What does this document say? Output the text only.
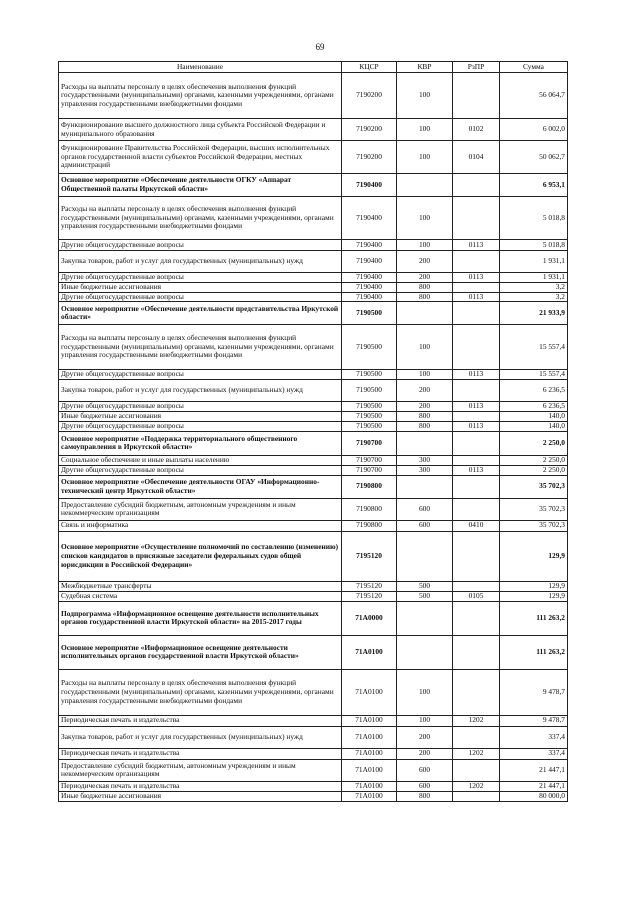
69
Наименование	КЦСР	КВР	РзПР	Сумма
Расходы на выплаты персоналу в целях обеспечения выполнения функций государственными (муниципальными) органами, казенными учреждениями, органами управления государственными внебюджетными фондами	7190200	100		56 064,7
Функционирование высшего должностного лица субъекта Российской Федерации и муниципального образования	7190200	100	0102	6 002,0
Функционирование Правительства Российской Федерации, высших исполнительных органов государственной власти субъектов Российской Федерации, местных администраций	7190200	100	0104	50 062,7
Основное мероприятие «Обеспечение деятельности ОГКУ «Аппарат Общественной палаты Иркутской области»	7190400			6 953,1
Расходы на выплаты персоналу в целях обеспечения выполнения функций государственными (муниципальными) органами, казенными учреждениями, органами управления государственными внебюджетными фондами	7190400	100		5 018,8
Другие общегосударственные вопросы	7190400	100	0113	5 018,8
Закупка товаров, работ и услуг для государственных (муниципальных) нужд	7190400	200		1 931,1
Другие общегосударственные вопросы	7190400	200	0113	1 931,1
Иные бюджетные ассигнования	7190400	800		3,2
Другие общегосударственные вопросы	7190400	800	0113	3,2
Основное мероприятие «Обеспечение деятельности представительства Иркутской области»	7190500			21 933,9
Расходы на выплаты персоналу в целях обеспечения выполнения функций государственными (муниципальными) органами, казенными учреждениями, органами управления государственными внебюджетными фондами	7190500	100		15 557,4
Другие общегосударственные вопросы	7190500	100	0113	15 557,4
Закупка товаров, работ и услуг для государственных (муниципальных) нужд	7190500	200		6 236,5
Другие общегосударственные вопросы	7190500	200	0113	6 236,5
Иные бюджетные ассигнования	7190500	800		140,0
Другие общегосударственные вопросы	7190500	800	0113	140,0
Основное мероприятие «Поддержка территориального общественного самоуправления в Иркутской области»	7190700			2 250,0
Социальное обеспечение и иные выплаты населению	7190700	300		2 250,0
Другие общегосударственные вопросы	7190700	300	0113	2 250,0
Основное мероприятие «Обеспечение деятельности ОГАУ «Информационно-технический центр Иркутской области»	7190800			35 702,3
Предоставление субсидий бюджетным, автономным учреждениям и иным некоммерческим организациям	7190800	600		35 702,3
Связь и информатика	7190800	600	0410	35 702,3
Основное мероприятие «Осуществление полномочий по составлению (изменению) списков кандидатов в присяжные заседатели федеральных судов общей юрисдикции в Российской Федерации»	7195120			129,9
Межбюджетные трансферты	7195120	500		129,9
Судебная система	7195120	500	0105	129,9
Подпрограмма «Информационное освещение деятельности исполнительных органов государственной власти Иркутской области» на 2015-2017 годы	71А0000			111 263,2
Основное мероприятие «Информационное освещение деятельности исполнительных органов государственной власти Иркутской области»	71А0100			111 263,2
Расходы на выплаты персоналу в целях обеспечения выполнения функций государственными (муниципальными) органами, казенными учреждениями, органами управления государственными внебюджетными фондами	71А0100	100		9 478,7
Периодическая печать и издательства	71А0100	100	1202	9 478,7
Закупка товаров, работ и услуг для государственных (муниципальных) нужд	71А0100	200		337,4
Периодическая печать и издательства	71А0100	200	1202	337,4
Предоставление субсидий бюджетным, автономным учреждениям и иным некоммерческим организациям	71А0100	600		21 447,1
Периодическая печать и издательства	71А0100	600	1202	21 447,1
Иные бюджетные ассигнования	71А0100	800		80 000,0
